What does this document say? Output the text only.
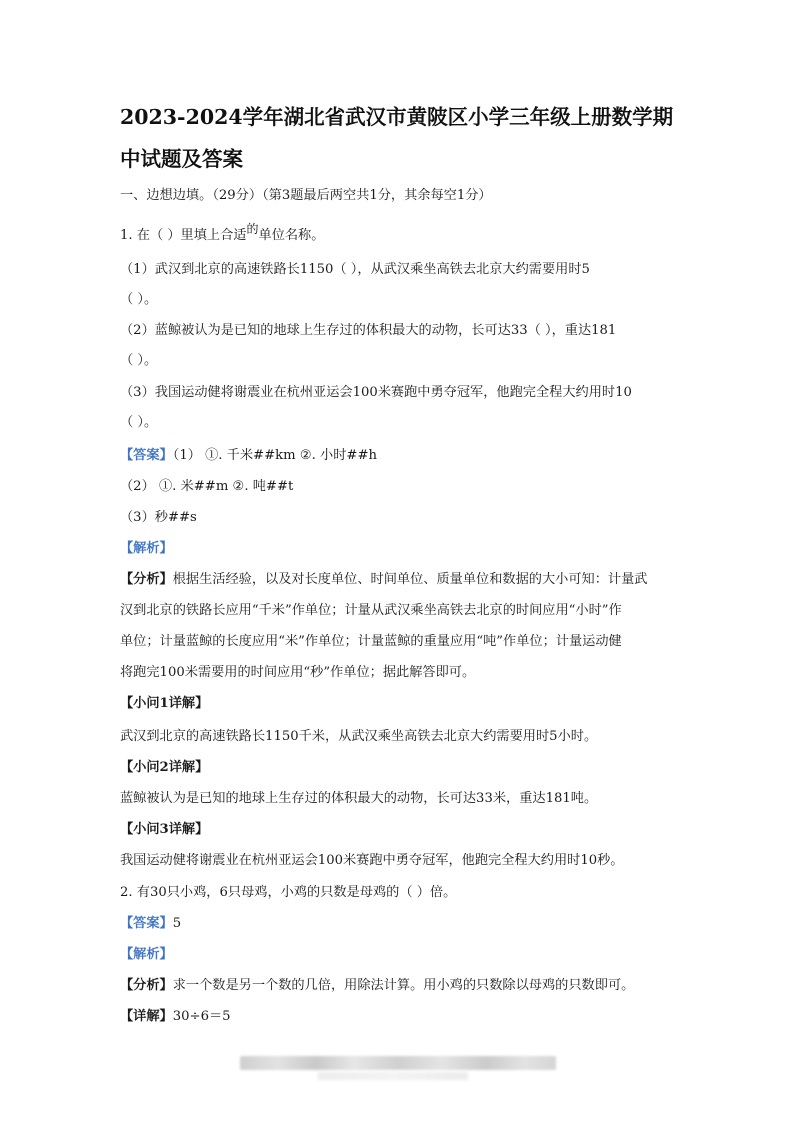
2023-2024学年湖北省武汉市黄陂区小学三年级上册数学期
中试题及答案
一、边想边填。（29分）（第3题最后两空共1分，其余每空1分）
1. 在（ ）里填上合适的单位名称。
（1）武汉到北京的高速铁路长1150（ ），从武汉乘坐高铁去北京大约需要用时5
（ ）。
（2）蓝鲸被认为是已知的地球上生存过的体积最大的动物，长可达33（ ），重达181
（ ）。
（3）我国运动健将谢震业在杭州亚运会100米赛跑中勇夺冠军，他跑完全程大约用时10
（ ）。
【答案】（1） ①. 千米##km ②. 小时##h
（2） ①. 米##m ②. 吨##t
（3）秒##s
【解析】
【分析】根据生活经验，以及对长度单位、时间单位、质量单位和数据的大小可知：计量武
汉到北京的铁路长应用“千米”作单位；计量从武汉乘坐高铁去北京的时间应用“小时”作
单位；计量蓝鲸的长度应用“米”作单位；计量蓝鲸的重量应用“吨”作单位；计量运动健
将跑完100米需要用的时间应用“秒”作单位；据此解答即可。
【小问1详解】
武汉到北京的高速铁路长1150千米，从武汉乘坐高铁去北京大约需要用时5小时。
【小问2详解】
蓝鲸被认为是已知的地球上生存过的体积最大的动物，长可达33米，重达181吨。
【小问3详解】
我国运动健将谢震业在杭州亚运会100米赛跑中勇夺冠军，他跑完全程大约用时10秒。
2. 有30只小鸡，6只母鸡，小鸡的只数是母鸡的（ ）倍。
【答案】5
【解析】
【分析】求一个数是另一个数的几倍，用除法计算。用小鸡的只数除以母鸡的只数即可。
【详解】30÷6＝5
